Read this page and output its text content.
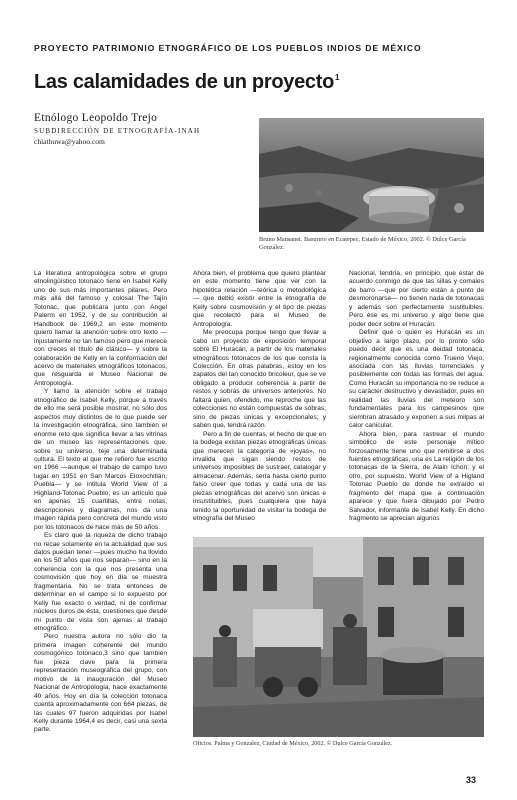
PROYECTO PATRIMONIO ETNOGRÁFICO DE LOS PUEBLOS INDIOS DE MÉXICO
Las calamidades de un proyecto$^1$
Etnólogo Leopoldo Trejo
SUBDIRECCIÓN DE ETNOGRAFÍA-INAH
chiathuwa@yahoo.com
Bruno Mansanet. Basurero en Ecatepec, Estado de México, 2002. © Dulce García González.

La literatura antropológica sobre el grupo etnolingüístico totonaco tiene en Isabel Kelly uno de sus más importantes pilares. Pero más allá del famoso y colosal The Tajín Totonac, que publicara junto con Angel Palerm en 1952, y de su contribución al Handbook de 1969,2 en este momento quiero llamar la atención sobre otro texto —injustamente no tan famoso pero que merece con creces el título de clásico— y sobre la colaboración de Kelly en la conformación del acervo de materiales etnográficos totonacos, que resguarda el Museo Nacional de Antropología.

Y llamo la atención sobre el trabajo etnográfico de Isabel Kelly, porque a través de ello me será posible mostrar, no sólo dos aspectos muy distintos de lo que puede ser la investigación etnográfica, sino también el enorme reto que significa llevar a las vitrinas de un museo las representaciones que, sobre su universo, teje una determinada cultura. El texto al que me refiero fue escrito en 1966 —aunque el trabajo de campo tuvo lugar en 1951 en San Marcos Eloxochitlán, Puebla— y se intitula World View of a Highland-Totonac Pueblo; es un artículo que en apenas 15 cuartillas, entre notas, descripciones y diagramas, nos da una imagen rápida pero concreta del mundo visto por los totonacos de hace más de 50 años.

Es claro que la riqueza de dicho trabajo no recae solamente en la actualidad que sus datos puedan tener —pues mucho ha llovido en los 50 años que nos separan— sino en la coherencia con la que nos presenta una cosmovisión que hoy en día se muestra fragmentaria. No se trata entonces de determinar en el campo si lo expuesto por Kelly fue exacto o verdad, ni de confirmar núcleos duros de ésta, cuestiones que desde mi punto de vista son ajenas al trabajo etnográfico.

Pero nuestra autora no sólo dio la primera imagen coherente del mundo cosmogónico totonaco,3 sino que también fue pieza clave para la primera representación museográfica del grupo, con motivo de la inauguración del Museo Nacional de Antropología, hace exactamente 40 años. Hoy en día la colección totonaca cuenta aproximadamente con 664 piezas, de las cuales 97 fueron adquiridas por Isabel Kelly durante 1964,4 es decir, casi una sexta parte.

Ahora bien, el problema que quiero plantear en este momento tiene que ver con la hipotética relación —teórica o metodológica— que debió existir entre la etnografía de Kelly sobre cosmovisión y el tipo de piezas que recolectó para el Museo de Antropología.

Me preocupa porque tengo que llevar a cabo un proyecto de exposición temporal sobre El Huracán, a partir de los materiales etnográficos totonacos de los que consta la Colección. En otras palabras, estoy en los zapatos del tan conocido bricoleur, que se ve obligado a producir coherencia a partir de restos y sobras de universos anteriores. No faltará quien, ofendido, me reproche que las colecciones no están compuestas de sobras, sino de piezas únicas y excepcionales; y saben que, tendrá razón.

Pero a fin de cuentas, el hecho de que en la bodega existan piezas etnográficas únicas que merecen la categoría de «joyas», no invalida que sigan siendo restos de universos imposibles de sustraer, catalogar y almacenar. Además, sería hasta cierto punto falso creer que todas y cada una de las piezas etnográficas del acervo son únicas e insustituibles, pues cualquiera que haya tenido la oportunidad de visitar la bodega de etnografía del Museo

Nacional, tendría, en principio, que estar de acuerdo conmigo de que las sillas y comales de barro —que por cierto están a punto de desmoronarse— no tienen nada de totonacas y además son perfectamente sustituibles. Pero ése es mi universo y algo tiene que poder decir sobre el Huracán.

Definir qué o quién es Huracán es un objetivo a largo plazo, por lo pronto sólo puedo decir que es una deidad totonaca, regionalmente conocida como Trueno Viejo, asociada con las lluvias torrenciales y posiblemente con todas las formas del agua. Como Huracán su importancia no se reduce a su carácter destructivo y devastador, pues en realidad las lluvias del meteoro son fundamentales para los campesinos que siembran atrasado y exponen a sus milpas al calor canicular.

Ahora bien, para rastrear el mundo simbólico de este personaje mítico forzosamente tiene uno que remitirse a dos fuentes etnográficas, una es La religión de los totonacas de la Sierra, de Alain Ichon; y el otro, por supuesto, World View of a Higland Totonac Pueblo de donde he extraído el fragmento del mapa que a continuación aparece y que fuera dibujado por Pedro Salvador, informante de Isabel Kelly. En dicho fragmento se aprecian algunos

Oficios. Palma y Gonzalez, Ciudad de México, 2002. © Dulce García González.
33
